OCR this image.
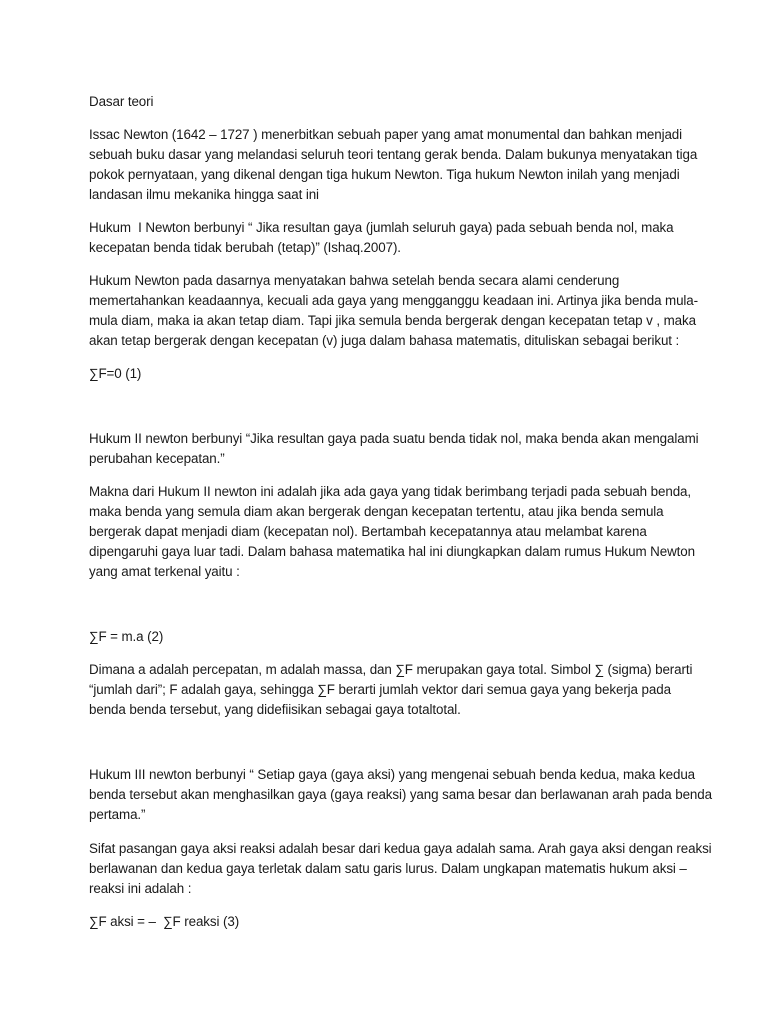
Dasar teori
Issac Newton (1642 – 1727 ) menerbitkan sebuah paper yang amat monumental dan bahkan menjadi
sebuah buku dasar yang melandasi seluruh teori tentang gerak benda. Dalam bukunya menyatakan tiga
pokok pernyataan, yang dikenal dengan tiga hukum Newton. Tiga hukum Newton inilah yang menjadi
landasan ilmu mekanika hingga saat ini
Hukum  I Newton berbunyi “ Jika resultan gaya (jumlah seluruh gaya) pada sebuah benda nol, maka
kecepatan benda tidak berubah (tetap)” (Ishaq.2007).
Hukum Newton pada dasarnya menyatakan bahwa setelah benda secara alami cenderung
memertahankan keadaannya, kecuali ada gaya yang mengganggu keadaan ini. Artinya jika benda mula-
mula diam, maka ia akan tetap diam. Tapi jika semula benda bergerak dengan kecepatan tetap v , maka
akan tetap bergerak dengan kecepatan (v) juga dalam bahasa matematis, dituliskan sebagai berikut :
∑F=0 (1)
Hukum II newton berbunyi “Jika resultan gaya pada suatu benda tidak nol, maka benda akan mengalami
perubahan kecepatan.”
Makna dari Hukum II newton ini adalah jika ada gaya yang tidak berimbang terjadi pada sebuah benda,
maka benda yang semula diam akan bergerak dengan kecepatan tertentu, atau jika benda semula
bergerak dapat menjadi diam (kecepatan nol). Bertambah kecepatannya atau melambat karena
dipengaruhi gaya luar tadi. Dalam bahasa matematika hal ini diungkapkan dalam rumus Hukum Newton
yang amat terkenal yaitu :
∑F = m.a (2)
Dimana a adalah percepatan, m adalah massa, dan ∑F merupakan gaya total. Simbol ∑ (sigma) berarti
“jumlah dari”; F adalah gaya, sehingga ∑F berarti jumlah vektor dari semua gaya yang bekerja pada
benda benda tersebut, yang didefiisikan sebagai gaya totaltotal.
Hukum III newton berbunyi “ Setiap gaya (gaya aksi) yang mengenai sebuah benda kedua, maka kedua
benda tersebut akan menghasilkan gaya (gaya reaksi) yang sama besar dan berlawanan arah pada benda
pertama.”
Sifat pasangan gaya aksi reaksi adalah besar dari kedua gaya adalah sama. Arah gaya aksi dengan reaksi
berlawanan dan kedua gaya terletak dalam satu garis lurus. Dalam ungkapan matematis hukum aksi –
reaksi ini adalah :
∑F aksi = –  ∑F reaksi (3)
